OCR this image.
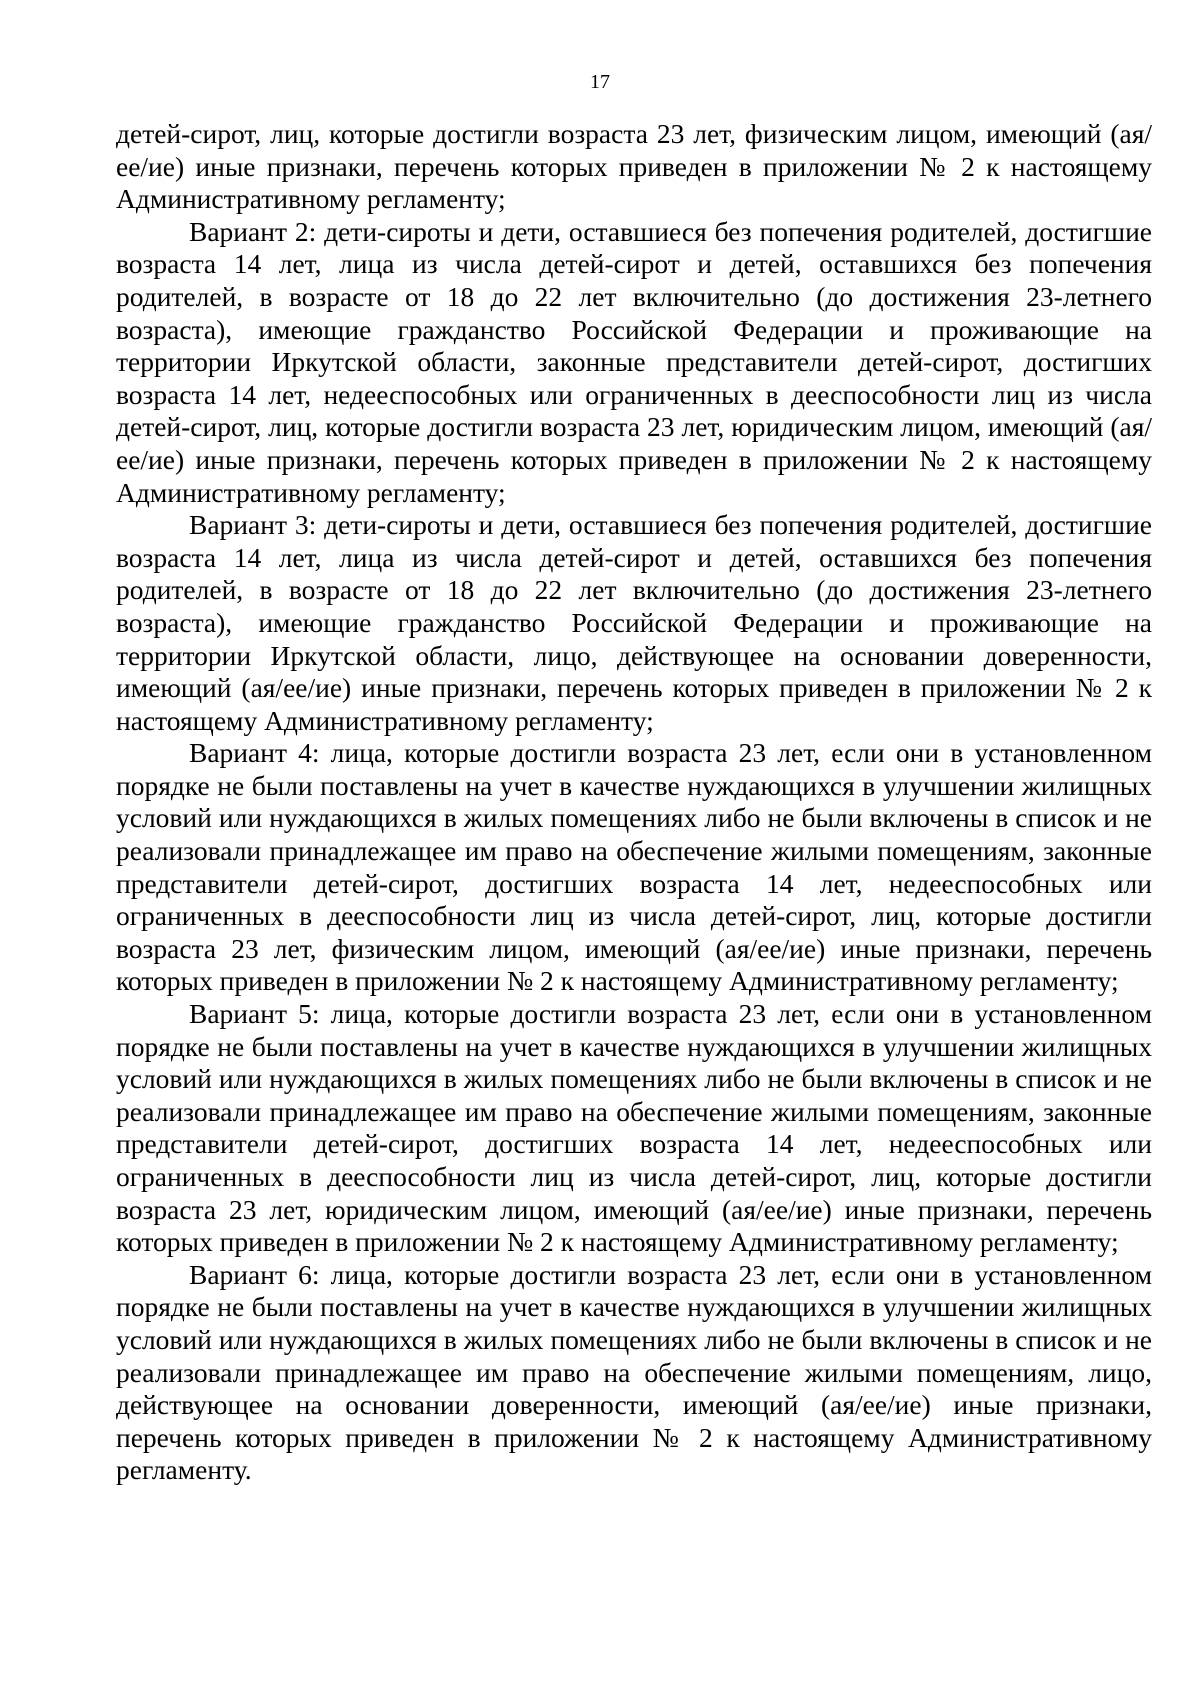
17

детей-сирот, лиц, которые достигли возраста 23 лет, физическим лицом, имеющий (ая/ее/ие) иные признаки, перечень которых приведен в приложении № 2 к настоящему Административному регламенту;

Вариант 2: дети-сироты и дети, оставшиеся без попечения родителей, достигшие возраста 14 лет, лица из числа детей-сирот и детей, оставшихся без попечения родителей, в возрасте от 18 до 22 лет включительно (до достижения 23-летнего возраста), имеющие гражданство Российской Федерации и проживающие на территории Иркутской области, законные представители детей-сирот, достигших возраста 14 лет, недееспособных или ограниченных в дееспособности лиц из числа детей-сирот, лиц, которые достигли возраста 23 лет, юридическим лицом, имеющий (ая/ее/ие) иные признаки, перечень которых приведен в приложении № 2 к настоящему Административному регламенту;

Вариант 3: дети-сироты и дети, оставшиеся без попечения родителей, достигшие возраста 14 лет, лица из числа детей-сирот и детей, оставшихся без попечения родителей, в возрасте от 18 до 22 лет включительно (до достижения 23-летнего возраста), имеющие гражданство Российской Федерации и проживающие на территории Иркутской области, лицо, действующее на основании доверенности, имеющий (ая/ее/ие) иные признаки, перечень которых приведен в приложении № 2 к настоящему Административному регламенту;

Вариант 4: лица, которые достигли возраста 23 лет, если они в установленном порядке не были поставлены на учет в качестве нуждающихся в улучшении жилищных условий или нуждающихся в жилых помещениях либо не были включены в список и не реализовали принадлежащее им право на обеспечение жилыми помещениям, законные представители детей-сирот, достигших возраста 14 лет, недееспособных или ограниченных в дееспособности лиц из числа детей-сирот, лиц, которые достигли возраста 23 лет, физическим лицом, имеющий (ая/ее/ие) иные признаки, перечень которых приведен в приложении № 2 к настоящему Административному регламенту;

Вариант 5: лица, которые достигли возраста 23 лет, если они в установленном порядке не были поставлены на учет в качестве нуждающихся в улучшении жилищных условий или нуждающихся в жилых помещениях либо не были включены в список и не реализовали принадлежащее им право на обеспечение жилыми помещениям, законные представители детей-сирот, достигших возраста 14 лет, недееспособных или ограниченных в дееспособности лиц из числа детей-сирот, лиц, которые достигли возраста 23 лет, юридическим лицом, имеющий (ая/ее/ие) иные признаки, перечень которых приведен в приложении № 2 к настоящему Административному регламенту;

Вариант 6: лица, которые достигли возраста 23 лет, если они в установленном порядке не были поставлены на учет в качестве нуждающихся в улучшении жилищных условий или нуждающихся в жилых помещениях либо не были включены в список и не реализовали принадлежащее им право на обеспечение жилыми помещениям, лицо, действующее на основании доверенности, имеющий (ая/ее/ие) иные признаки, перечень которых приведен в приложении № 2 к настоящему Административному регламенту.
